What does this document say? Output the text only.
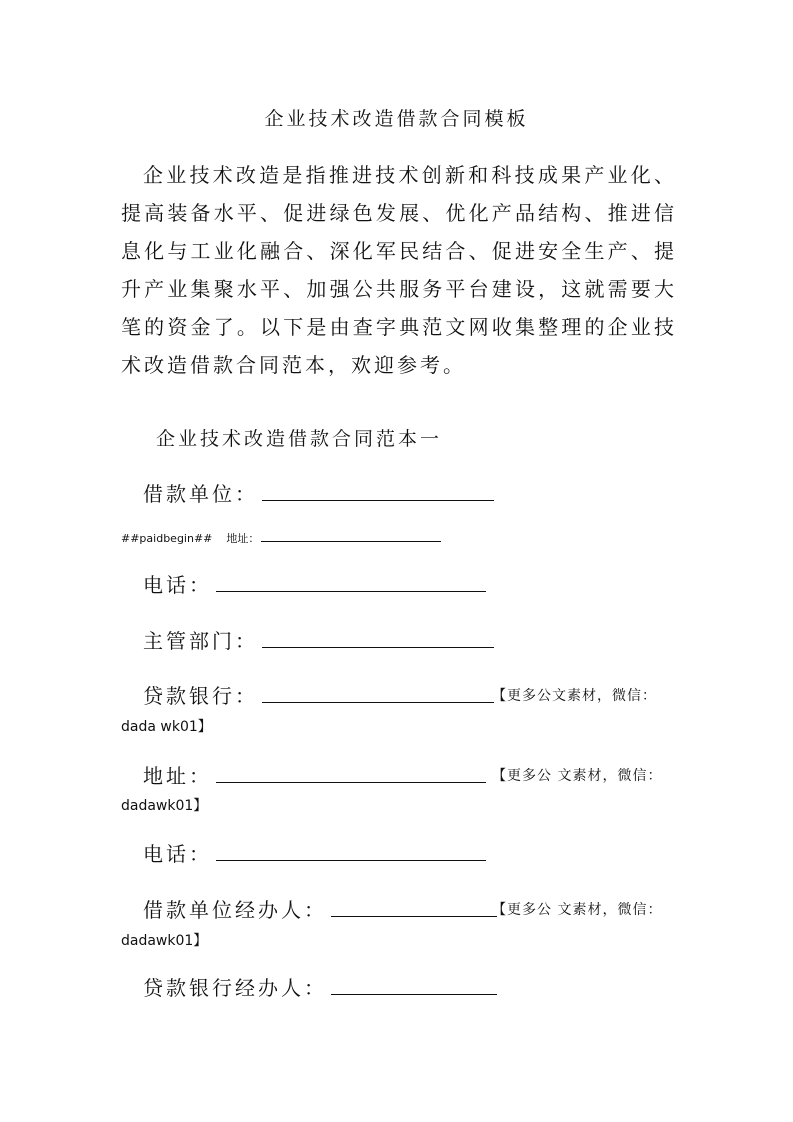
企业技术改造借款合同模板

企业技术改造是指推进技术创新和科技成果产业化、提高装备水平、促进绿色发展、优化产品结构、推进信息化与工业化融合、深化军民结合、促进安全生产、提升产业集聚水平、加强公共服务平台建设，这就需要大笔的资金了。以下是由查字典范文网收集整理的企业技术改造借款合同范本，欢迎参考。

企业技术改造借款合同范本一
借款单位：
##paidbegin## 地址：
电话：
主管部门：
贷款银行：	【更多公文素材，微信：
dada wk01】
地址：	【更多公 文素材，微信：
dadawk01】
电话：
借款单位经办人：	【更多公 文素材，微信：
dadawk01】
贷款银行经办人：
